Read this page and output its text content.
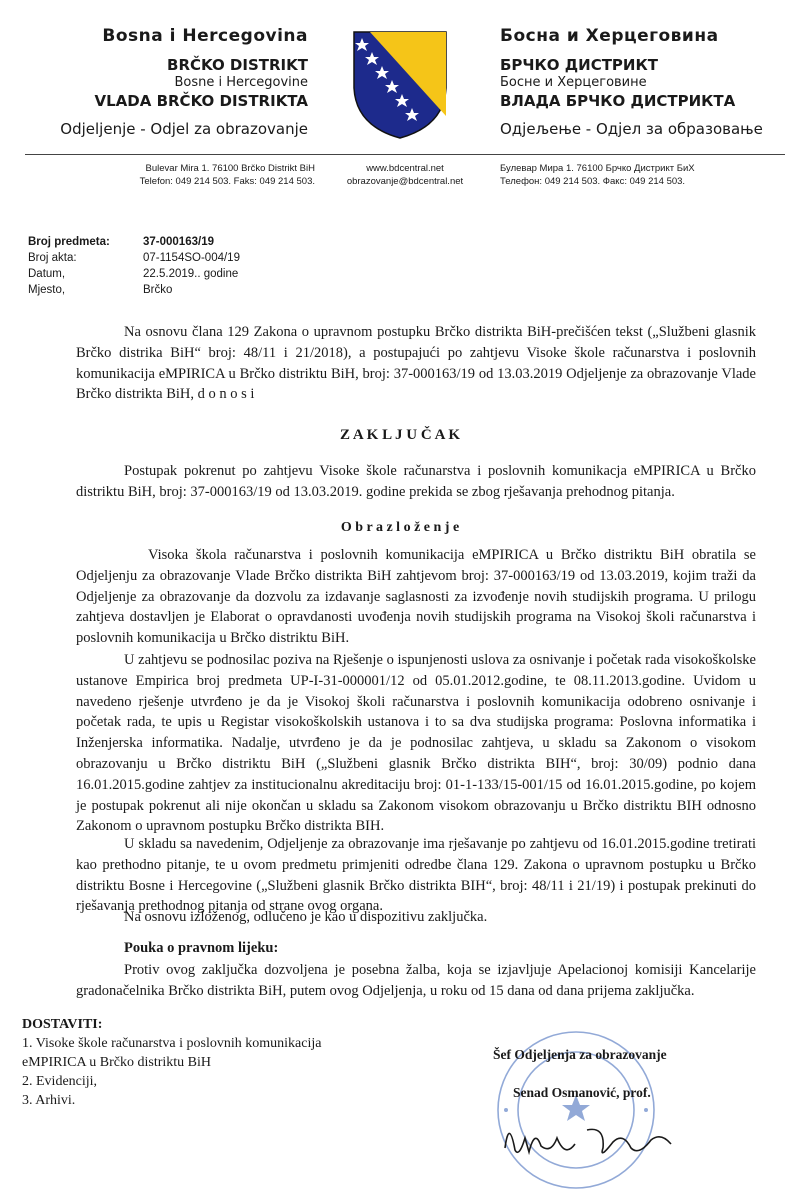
Bosna i Hercegovina
BRČKO DISTRIKT
Bosne i Hercegovine
VLADA BRČKO DISTRIKTA
Odjeljenje - Odjel za obrazovanje
Босна и Херцеговина
БРЧКО ДИСТРИКТ
Босне и Херцеговине
ВЛАДА БРЧКО ДИСТРИКТА
Одјељење - Одјел за образовање
Bulevar Mira 1. 76100 Brčko Distrikt BiH
Telefon: 049 214 503. Faks: 049 214 503.
www.bdcentral.net
obrazovanje@bdcentral.net
Булевар Мира 1. 76100 Брчко Дистрикт БиХ
Телефон: 049 214 503. Факс: 049 214 503.
Broj predmeta:	37-000163/19
Broj akta:	07-1154SO-004/19
Datum,	22.5.2019.. godine
Mjesto,	Brčko
Na osnovu člana 129 Zakona o upravnom postupku Brčko distrikta BiH-prečišćen tekst („Službeni glasnik Brčko distrika BiH“ broj: 48/11 i 21/2018), a postupajući po zahtjevu Visoke škole računarstva i poslovnih komunikacija eMPIRICA u Brčko distriktu BiH, broj: 37-000163/19 od 13.03.2019 Odjeljenje za obrazovanje Vlade Brčko distrikta BiH, d o n o s i
Z A K L J U Č A K
Postupak pokrenut po zahtjevu Visoke škole računarstva i poslovnih komunikacja eMPIRICA u Brčko distriktu BiH, broj: 37-000163/19 od 13.03.2019. godine prekida se zbog rješavanja prehodnog pitanja.
O b r a z l o ž e n j e
Visoka škola računarstva i poslovnih komunikacija eMPIRICA u Brčko distriktu BiH obratila se Odjeljenju za obrazovanje Vlade Brčko distrikta BiH zahtjevom broj: 37-000163/19 od 13.03.2019, kojim traži da Odjeljenje za obrazovanje da dozvolu za izdavanje saglasnosti za izvođenje novih studijskih programa. U prilogu zahtjeva dostavljen je Elaborat o opravdanosti uvođenja novih studijskih programa na Visokoj školi računarstva i poslovnih komunikacija u Brčko distriktu BiH.
U zahtjevu se podnosilac poziva na Rješenje o ispunjenosti uslova za osnivanje i početak rada visokoškolske ustanove Empirica broj predmeta UP-I-31-000001/12 od 05.01.2012.godine, te 08.11.2013.godine. Uvidom u navedeno rješenje utvrđeno je da je Visokoj školi računarstva i poslovnih komunikacija odobreno osnivanje i početak rada, te upis u Registar visokoškolskih ustanova i to sa dva studijska programa: Poslovna informatika i Inženjerska informatika. Nadalje, utvrđeno je da je podnosilac zahtjeva, u skladu sa Zakonom o visokom obrazovanju u Brčko distriktu BiH („Službeni glasnik Brčko distrikta BIH“, broj: 30/09) podnio dana 16.01.2015.godine zahtjev za institucionalnu akreditaciju broj: 01-1-133/15-001/15 od 16.01.2015.godine, po kojem je postupak pokrenut ali nije okončan u skladu sa Zakonom visokom obrazovanju u Brčko distriktu BIH odnosno Zakonom o upravnom postupku Brčko distrikta BIH.
U skladu sa navedenim, Odjeljenje za obrazovanje ima rješavanje po zahtjevu od 16.01.2015.godine tretirati kao prethodno pitanje, te u ovom predmetu primjeniti odredbe člana 129. Zakona o upravnom postupku u Brčko distriktu Bosne i Hercegovine („Službeni glasnik Brčko distrikta BIH“, broj: 48/11 i 21/19) i postupak prekinuti do rješavanja prethodnog pitanja od strane ovog organa.
Na osnovu izloženog, odlučeno je kao u dispozitivu zaključka.
Pouka o pravnom lijeku:
Protiv ovog zaključka dozvoljena je posebna žalba, koja se izjavljuje Apelacionoj komisiji Kancelarije gradonačelnika Brčko distrikta BiH, putem ovog Odjeljenja, u roku od 15 dana od dana prijema zaključka.
Šef Odjeljenja za obrazovanje
Senad Osmanović, prof.
DOSTAVITI:
1. Visoke škole računarstva i poslovnih komunikacija
eMPIRICA u Brčko distriktu BiH
2. Evidenciji,
3. Arhivi.
